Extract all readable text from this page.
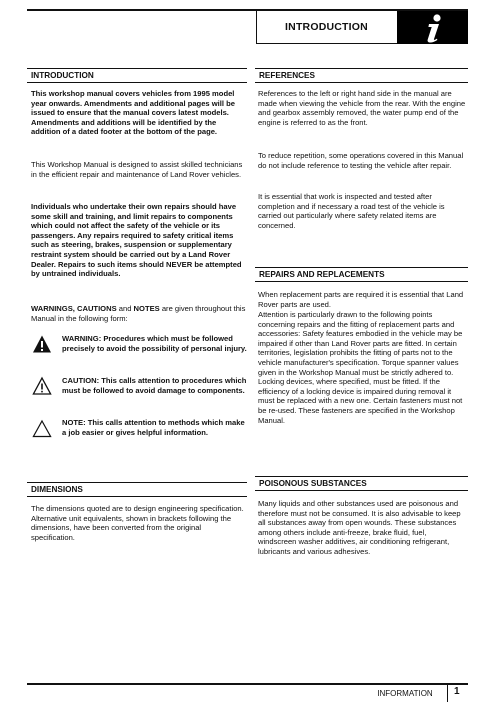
INTRODUCTION
INTRODUCTION

This workshop manual covers vehicles from 1995 model year onwards. Amendments and additional pages will be issued to ensure that the manual covers latest models. Amendments and additions will be identified by the addition of a dated footer at the bottom of the page.

This Workshop Manual is designed to assist skilled technicians in the efficient repair and maintenance of Land Rover vehicles.

Individuals who undertake their own repairs should have some skill and training, and limit repairs to components which could not affect the safety of the vehicle or its passengers. Any repairs required to safety critical items such as steering, brakes, suspension or supplementary restraint system should be carried out by a Land Rover Dealer. Repairs to such items should NEVER be attempted by untrained individuals.

WARNINGS, CAUTIONS and NOTES are given throughout this Manual in the following form:

WARNING: Procedures which must be followed precisely to avoid the possibility of personal injury.
CAUTION: This calls attention to procedures which must be followed to avoid damage to components.
NOTE: This calls attention to methods which make a job easier or gives helpful information.
DIMENSIONS

The dimensions quoted are to design engineering specification. Alternative unit equivalents, shown in brackets following the dimensions, have been converted from the original specification.

REFERENCES

References to the left or right hand side in the manual are made when viewing the vehicle from the rear. With the engine and gearbox assembly removed, the water pump end of the engine is referred to as the front.

To reduce repetition, some operations covered in this Manual do not include reference to testing the vehicle after repair.

It is essential that work is inspected and tested after completion and if necessary a road test of the vehicle is carried out particularly where safety related items are concerned.

REPAIRS AND REPLACEMENTS

When replacement parts are required it is essential that Land Rover parts are used.

Attention is particularly drawn to the following points concerning repairs and the fitting of replacement parts and accessories: Safety features embodied in the vehicle may be impaired if other than Land Rover parts are fitted. In certain territories, legislation prohibits the fitting of parts not to the vehicle manufacturer's specification. Torque spanner values given in the Workshop Manual must be strictly adhered to. Locking devices, where specified, must be fitted. If the efficiency of a locking device is impaired during removal it must be replaced with a new one. Certain fasteners must not be re-used. These fasteners are specified in the Workshop Manual.

POISONOUS SUBSTANCES

Many liquids and other substances used are poisonous and therefore must not be consumed. It is also advisable to keep all substances away from open wounds. These substances among others include anti-freeze, brake fluid, fuel, windscreen washer additives, air conditioning refrigerant, lubricants and various adhesives.

INFORMATION	1
